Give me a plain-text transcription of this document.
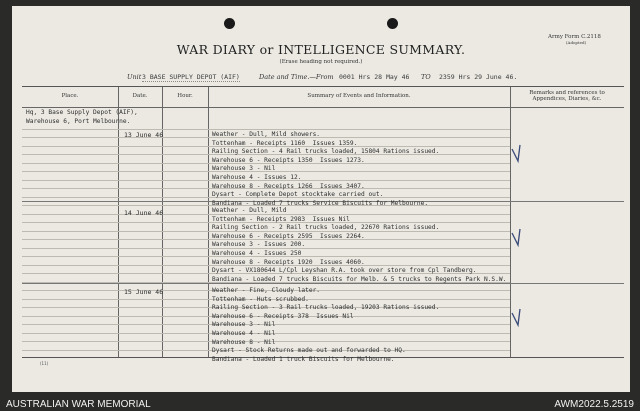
WAR DIARY or INTELLIGENCE SUMMARY.
(Erase heading not required.)
Army Form C.2118
(Adopted)
Unit 3 BASE SUPPLY DEPOT (AIF)	Date and Time.—From 0001 Hrs 28 May 46 TO 2359 Hrs 29 June 46.
Place.	Date.	Hour.	Summary of Events and Information.	Remarks and references to
Appendices, Diaries, &c.
Hq, 3 Base Supply Depot (AIF),
Warehouse 6, Port Melbourne.
13 June 46	Weather - Dull, Mild showers.
Tottenham - Receipts 1160  Issues 1359.
Railing Section - 4 Rail trucks loaded, 15804 Rations issued.
Warehouse 6 - Receipts 1350  Issues 1273.
Warehouse 3 - Nil
Warehouse 4 - Issues 12.
Warehouse 8 - Receipts 1266  Issues 3407.
Dysart - Complete Depot stocktake carried out.
Bandiana - Loaded 7 trucks Service Biscuits for Melbourne.
14 June 46	Weather - Dull, Mild
Tottenham - Receipts 2983  Issues Nil
Railing Section - 2 Rail trucks loaded, 22670 Rations issued.
Warehouse 6 - Receipts 2595  Issues 2264.
Warehouse 3 - Issues 200.
Warehouse 4 - Issues 250
Warehouse 8 - Receipts 1920  Issues 4060.
Dysart - VX180644 L/Cpl Leyshan R.A. took over store from Cpl Tandberg.
Bandiana - Loaded 7 trucks Biscuits for Melb. & 5 trucks to Regents Park N.S.W.
15 June 46	Weather - Fine, Cloudy later.
Tottenham - Huts scrubbed.
Railing Section - 3 Rail trucks loaded, 19203 Rations issued.
Warehouse 6 - Receipts 378  Issues Nil
Warehouse 3 - Nil
Warehouse 4 - Nil
Warehouse 8 - Nil
Dysart - Stock Returns made out and forwarded to HQ.
Bandiana - Loaded 1 truck Biscuits for Melbourne.
(11)
AUSTRALIAN WAR MEMORIAL	AWM2022.5.2519
